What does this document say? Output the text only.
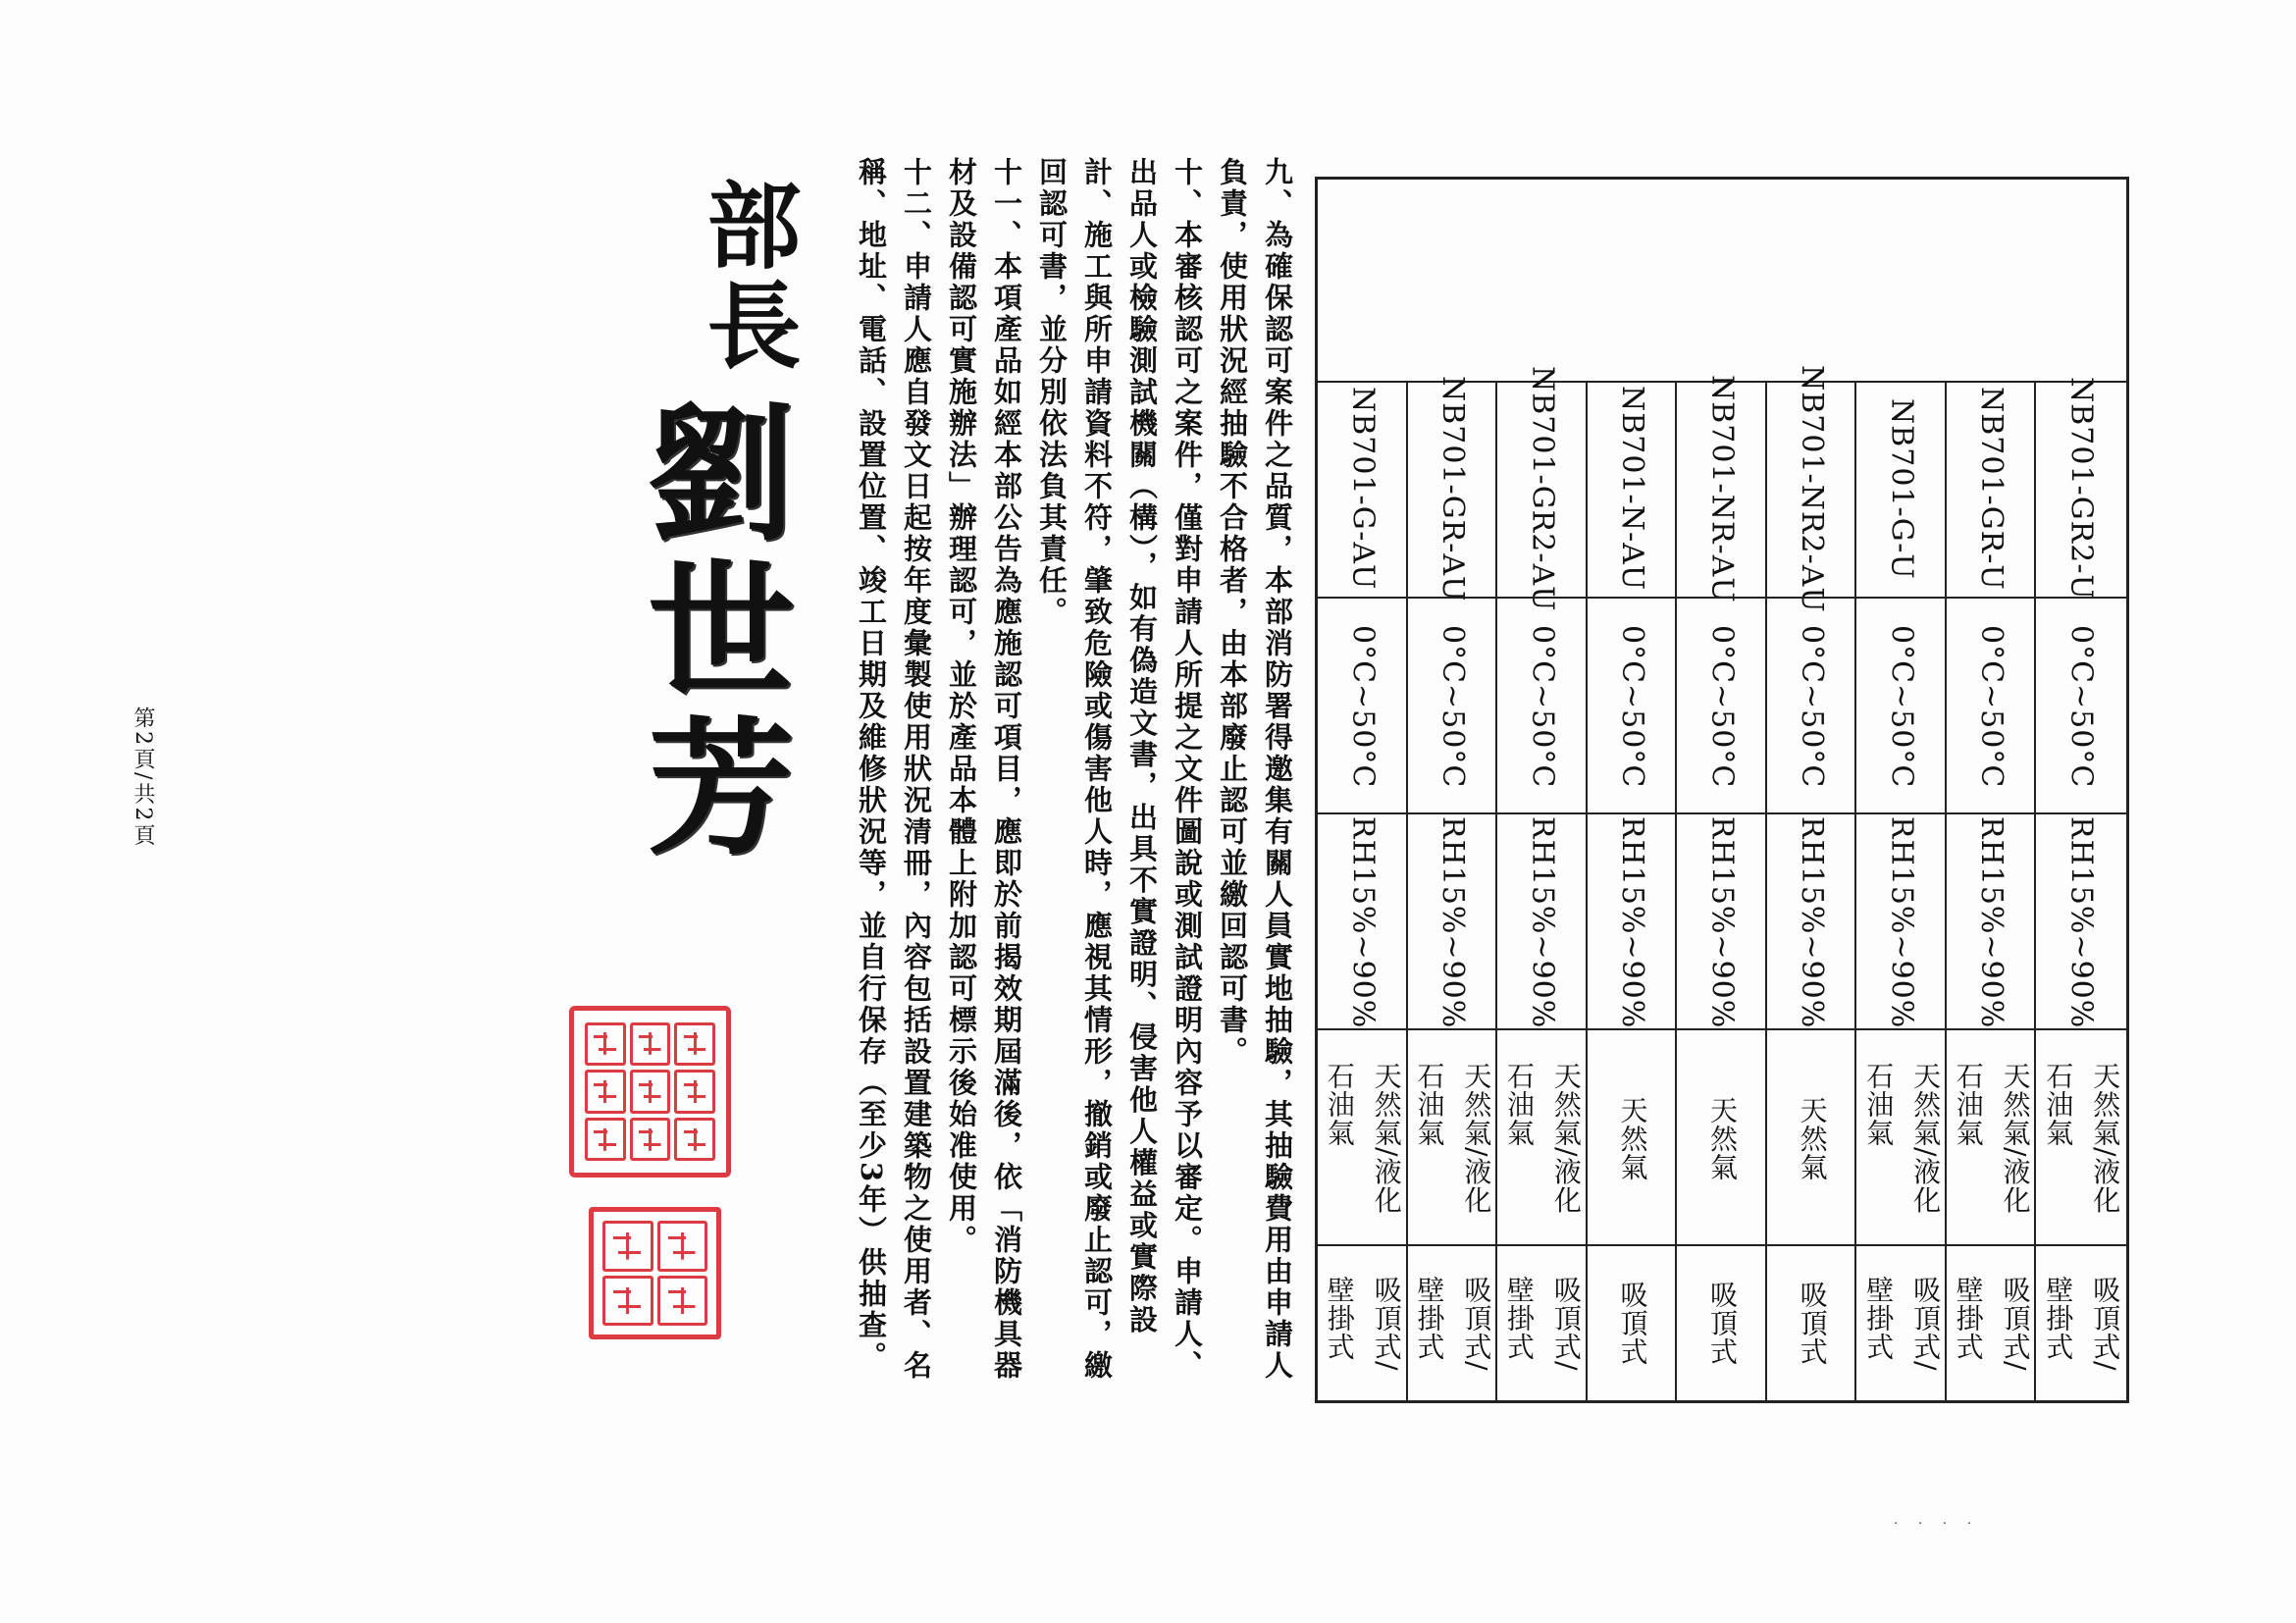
NB701-GR2-U
0°C~50°C
RH15%~90%
天然氣/液化
石油氣
吸頂式/
壁掛式
NB701-GR-U
0°C~50°C
RH15%~90%
天然氣/液化
石油氣
吸頂式/
壁掛式
NB701-G-U
0°C~50°C
RH15%~90%
天然氣/液化
石油氣
吸頂式/
壁掛式
NB701-NR2-AU
0°C~50°C
RH15%~90%
天然氣
吸頂式
NB701-NR-AU
0°C~50°C
RH15%~90%
天然氣
吸頂式
NB701-N-AU
0°C~50°C
RH15%~90%
天然氣
吸頂式
NB701-GR2-AU
0°C~50°C
RH15%~90%
天然氣/液化
石油氣
吸頂式/
壁掛式
NB701-GR-AU
0°C~50°C
RH15%~90%
天然氣/液化
石油氣
吸頂式/
壁掛式
NB701-G-AU
0°C~50°C
RH15%~90%
天然氣/液化
石油氣
吸頂式/
壁掛式
九、為確保認可案件之品質，本部消防署得邀集有關人員實地抽驗，其抽驗費用由申請人負責，使用狀況經抽驗不合格者，由本部廢止認可並繳回認可書。
十、本審核認可之案件，僅對申請人所提之文件圖說或測試證明內容予以審定。申請人、出品人或檢驗測試機關（構），如有偽造文書，出具不實證明、侵害他人權益或實際設計、施工與所申請資料不符，肇致危險或傷害他人時，應視其情形，撤銷或廢止認可，繳回認可書，並分別依法負其責任。
十一、本項產品如經本部公告為應施認可項目，應即於前揭效期屆滿後，依「消防機具器材及設備認可實施辦法」辦理認可，並於產品本體上附加認可標示後始准使用。
十二、申請人應自發文日起按年度彙製使用狀況清冊，內容包括設置建築物之使用者、名稱、地址、電話、設置位置、竣工日期及維修狀況等，並自行保存（至少3年）供抽查。
部長
劉世芳
第2頁/共2頁
· · · ·
